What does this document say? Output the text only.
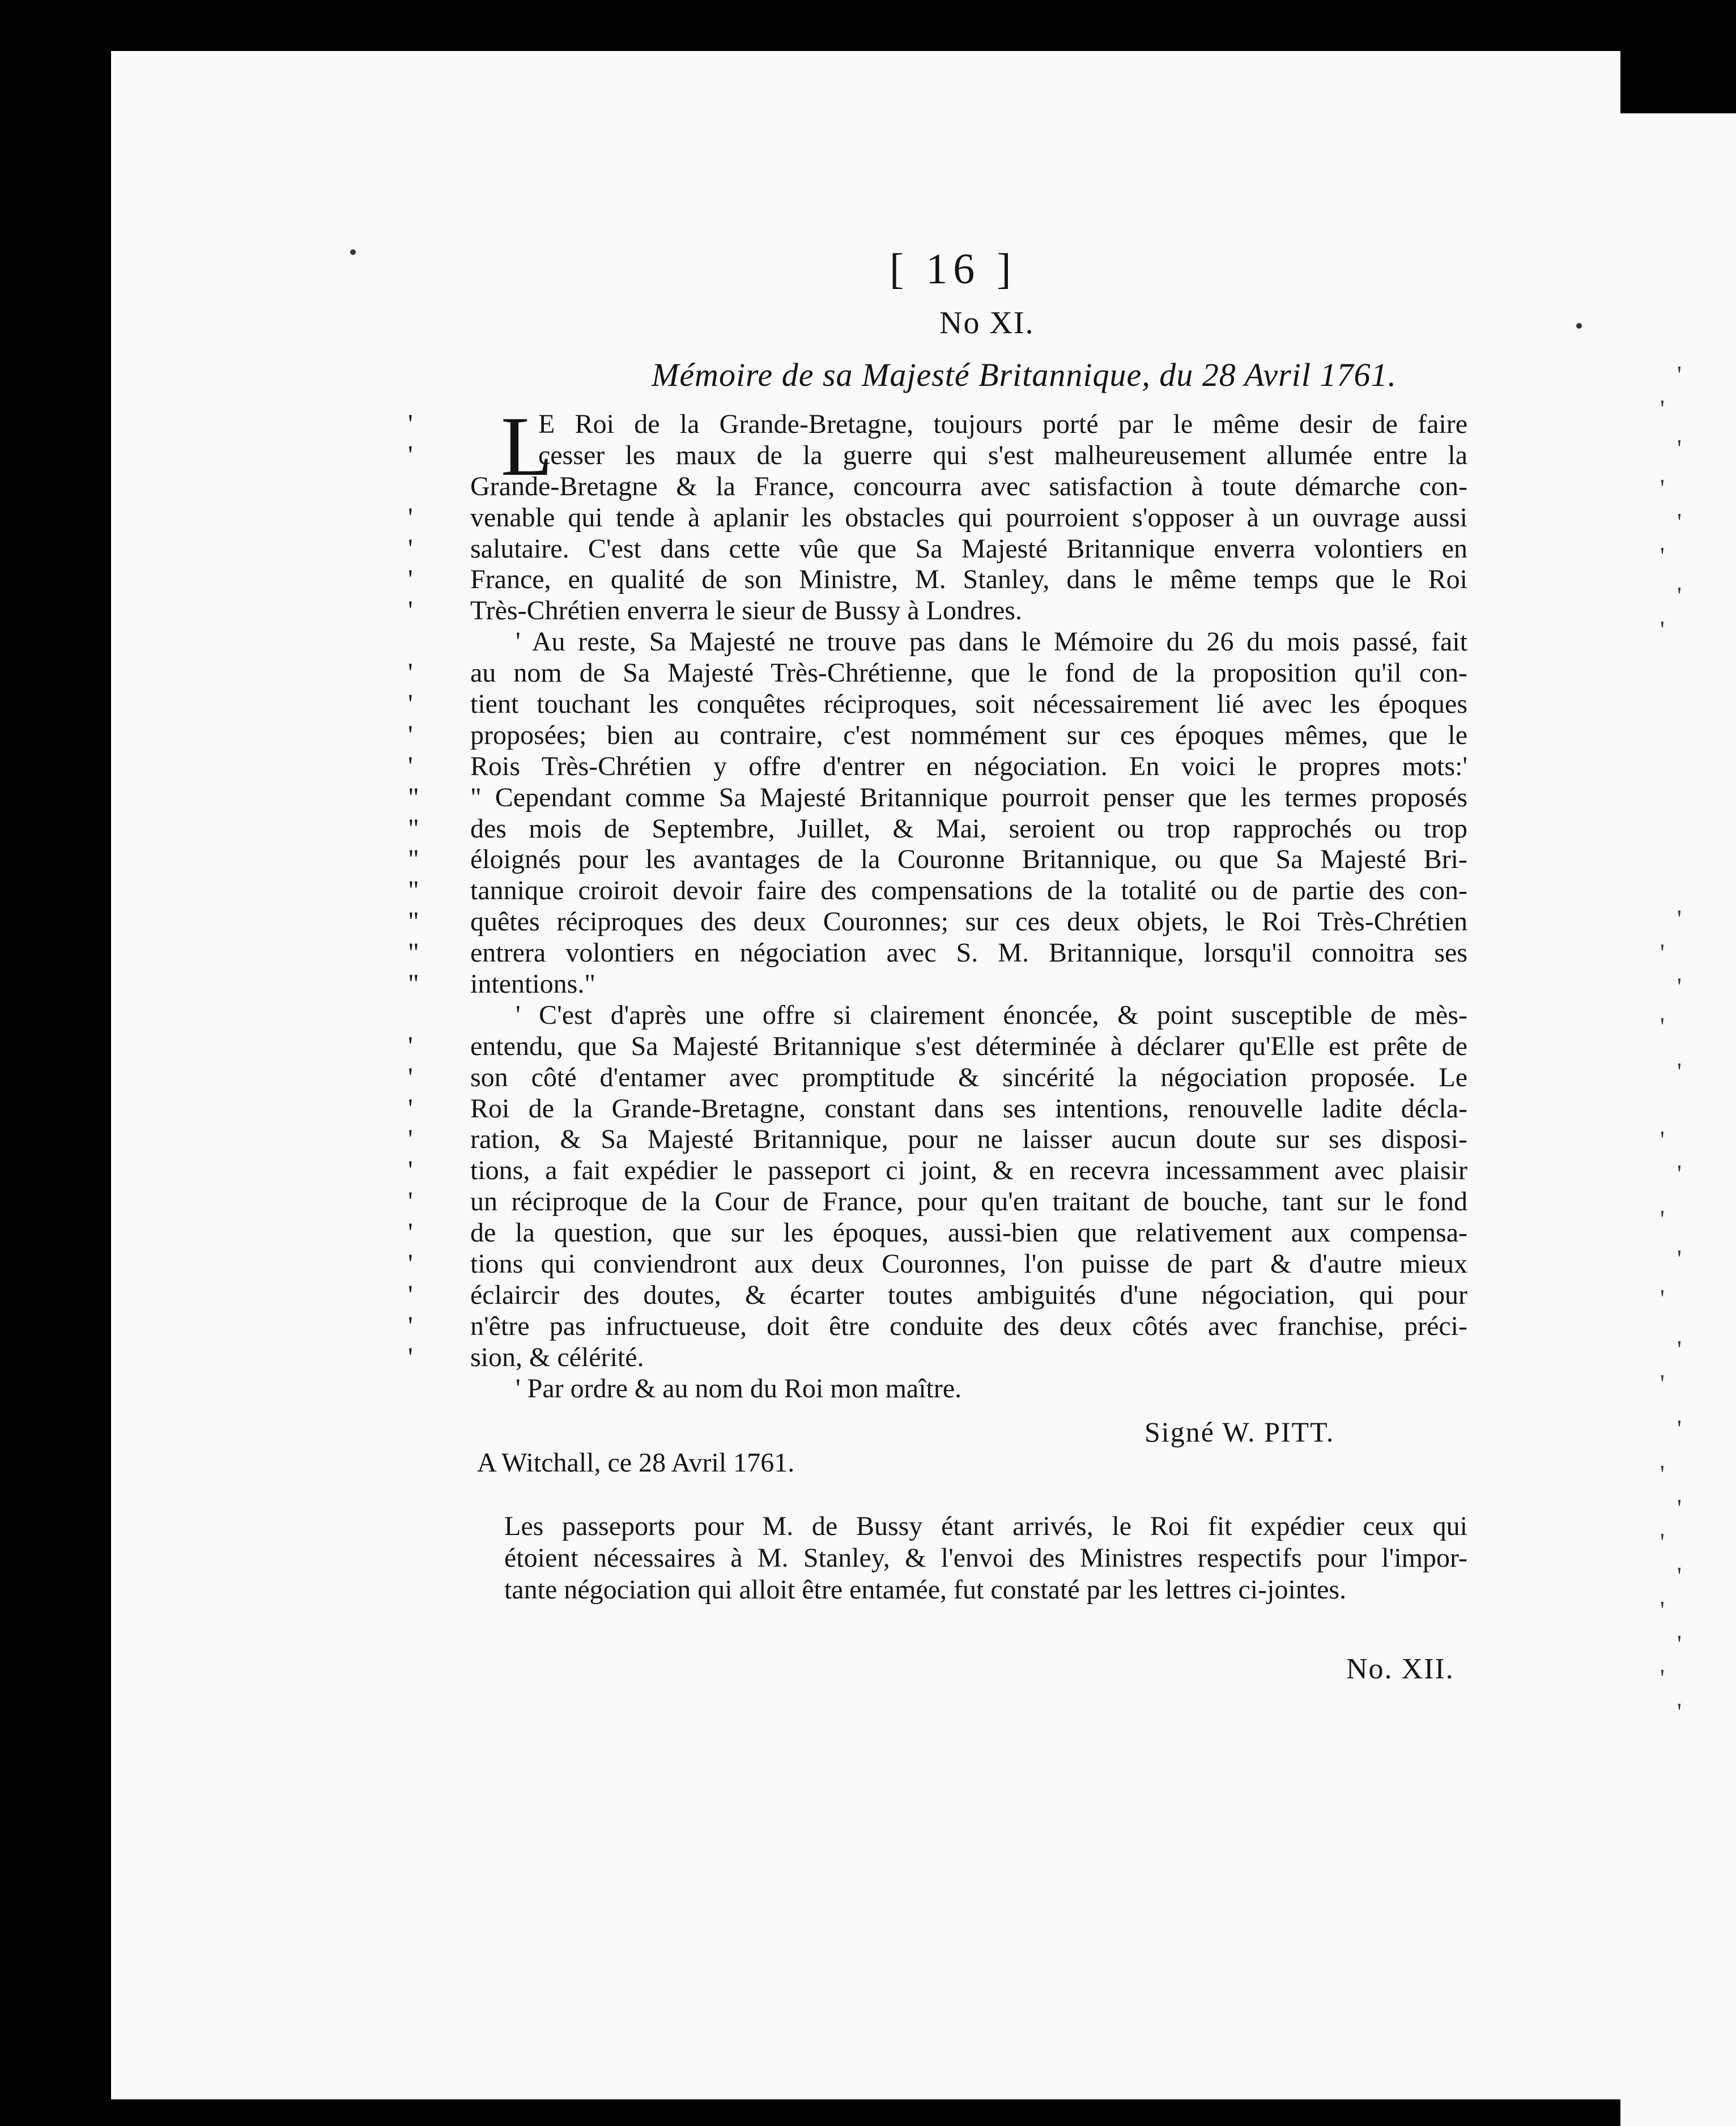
'
'
'
'
'
'
'
'
'
'
'
'
'
'
'
'
'
'
'
'
'
'
'
'
'
'
'
'
'
[ 16 ]
No XI.
Mémoire de sa Majesté Britannique, du 28 Avril 1761.
E Roi de la Grande-Bretagne, toujours porté par le même desir de faire
'	L
cesser les maux de la guerre qui s'est malheureusement allumée entre la
'
Grande-Bretagne & la France, concourra avec satisfaction à toute démarche con-
venable qui tende à aplanir les obstacles qui pourroient s'opposer à un ouvrage aussi
'
salutaire. C'est dans cette vûe que Sa Majesté Britannique enverra volontiers en
'
France, en qualité de son Ministre, M. Stanley, dans le même temps que le Roi
'
Très-Chrétien enverra le sieur de Bussy à Londres.
'
' Au reste, Sa Majesté ne trouve pas dans le Mémoire du 26 du mois passé, fait
au nom de Sa Majesté Très-Chrétienne, que le fond de la proposition qu'il con-
'
tient touchant les conquêtes réciproques, soit nécessairement lié avec les époques
'
proposées; bien au contraire, c'est nommément sur ces époques mêmes, que le
'
Rois Très-Chrétien y offre d'entrer en négociation. En voici le propres mots:'
'
" Cependant comme Sa Majesté Britannique pourroit penser que les termes proposés
"
des mois de Septembre, Juillet, & Mai, seroient ou trop rapprochés ou trop
"
éloignés pour les avantages de la Couronne Britannique, ou que Sa Majesté Bri-
"
tannique croiroit devoir faire des compensations de la totalité ou de partie des con-
"
quêtes réciproques des deux Couronnes; sur ces deux objets, le Roi Très-Chrétien
"
entrera volontiers en négociation avec S. M. Britannique, lorsqu'il connoitra ses
"
intentions."
"
' C'est d'après une offre si clairement énoncée, & point susceptible de mès-
entendu, que Sa Majesté Britannique s'est déterminée à déclarer qu'Elle est prête de
'
son côté d'entamer avec promptitude & sincérité la négociation proposée. Le
'
Roi de la Grande-Bretagne, constant dans ses intentions, renouvelle ladite décla-
'
ration, & Sa Majesté Britannique, pour ne laisser aucun doute sur ses disposi-
'
tions, a fait expédier le passeport ci joint, & en recevra incessamment avec plaisir
'
un réciproque de la Cour de France, pour qu'en traitant de bouche, tant sur le fond
'
de la question, que sur les époques, aussi-bien que relativement aux compensa-
'
tions qui conviendront aux deux Couronnes, l'on puisse de part & d'autre mieux
'
éclaircir des doutes, & écarter toutes ambiguités d'une négociation, qui pour
'
n'être pas infructueuse, doit être conduite des deux côtés avec franchise, préci-
'
sion, & célérité.
'
' Par ordre & au nom du Roi mon maître.
Signé W. PITT.
A Witchall, ce 28 Avril 1761.
Les passeports pour M. de Bussy étant arrivés, le Roi fit expédier ceux qui
étoient nécessaires à M. Stanley, & l'envoi des Ministres respectifs pour l'impor-
tante négociation qui alloit être entamée, fut constaté par les lettres ci-jointes.
No. XII.
